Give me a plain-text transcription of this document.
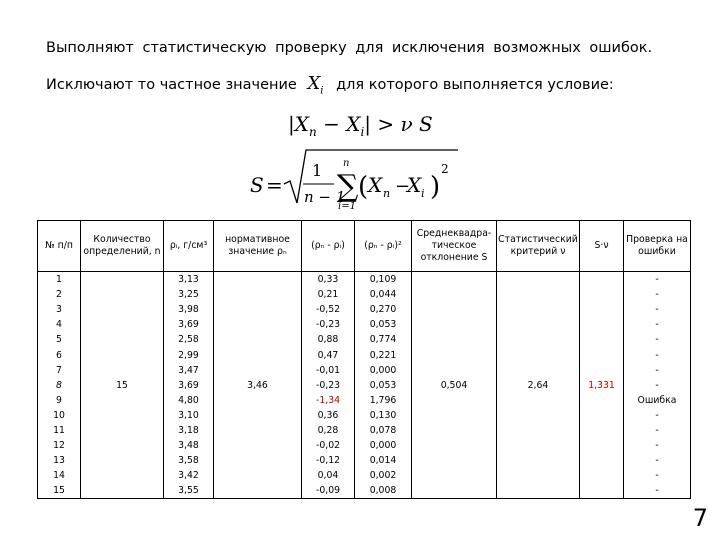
Выполняют статистическую проверку для исключения возможных ошибок.
Исключают то частное значение $X_i$ для которого выполняется условие:
$|X_n - X_i| > \nu$ S
S =
1
n − 1
n
∑
i=1
( X n −
X i )
2
№ п/п	Количество определений, n	ρᵢ, г/см³	нормативное значение ρₙ	(ρₙ - ρᵢ)	(ρₙ - ρᵢ)²	Среднеквадра-тическое отклонение S	Статистический критерий ν	S·ν	Проверка на ошибки
1	15	3,13	3,46	0,33	0,109	0,504	2,64	1,331	-
2		3,25		0,21	0,044				-
3		3,98		-0,52	0,270				-
4		3,69		-0,23	0,053				-
5		2,58		0,88	0,774				-
6		2,99		0,47	0,221				-
7		3,47		-0,01	0,000				-
8		3,69		-0,23	0,053				-
9		4,80		-1,34	1,796				Ошибка
10		3,10		0,36	0,130				-
11		3,18		0,28	0,078				-
12		3,48		-0,02	0,000				-
13		3,58		-0,12	0,014				-
14		3,42		0,04	0,002				-
15		3,55		-0,09	0,008				-
7
